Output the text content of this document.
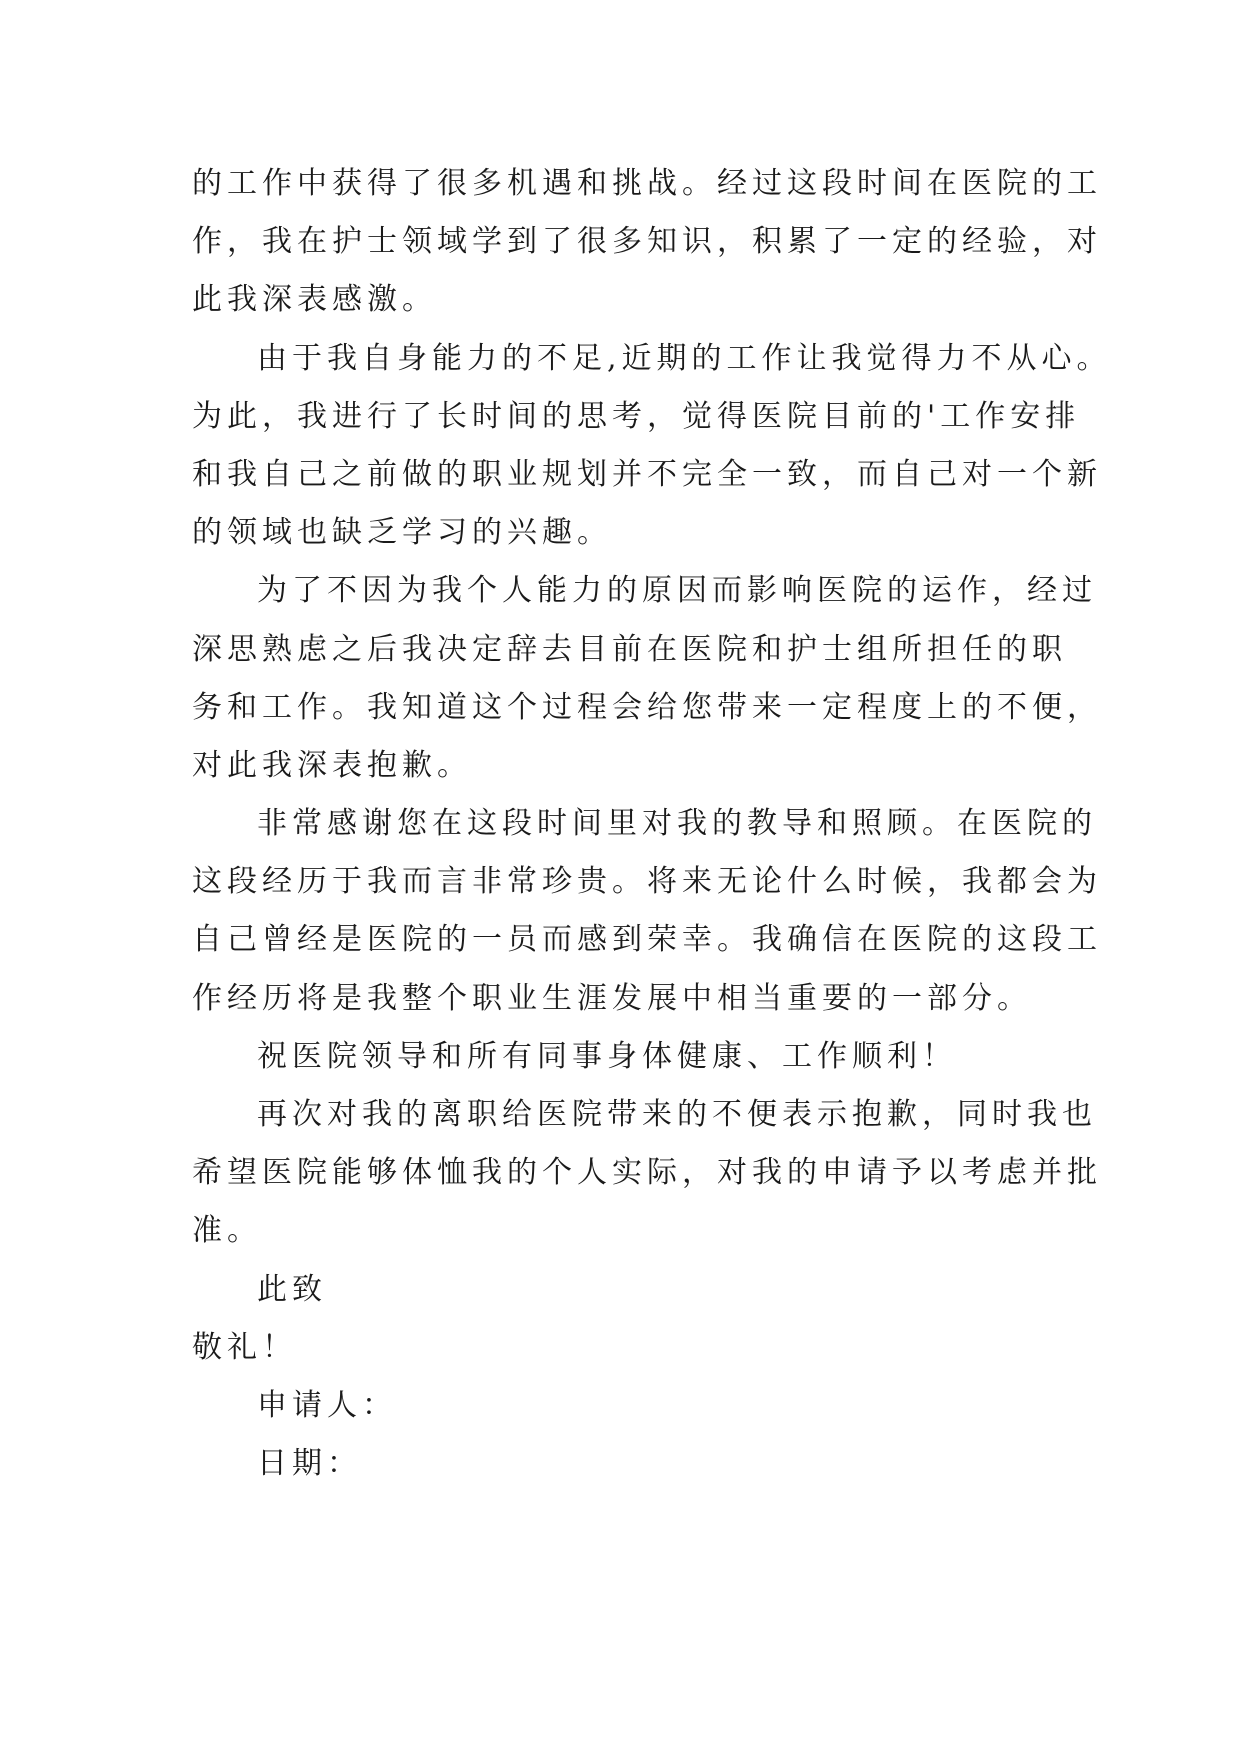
的工作中获得了很多机遇和挑战。经过这段时间在医院的工
作，我在护士领域学到了很多知识，积累了一定的经验，对
此我深表感激。
由于我自身能力的不足,近期的工作让我觉得力不从心。
为此，我进行了长时间的思考，觉得医院目前的'工作安排
和我自己之前做的职业规划并不完全一致，而自己对一个新
的领域也缺乏学习的兴趣。
为了不因为我个人能力的原因而影响医院的运作，经过
深思熟虑之后我决定辞去目前在医院和护士组所担任的职
务和工作。我知道这个过程会给您带来一定程度上的不便，
对此我深表抱歉。
非常感谢您在这段时间里对我的教导和照顾。在医院的
这段经历于我而言非常珍贵。将来无论什么时候，我都会为
自己曾经是医院的一员而感到荣幸。我确信在医院的这段工
作经历将是我整个职业生涯发展中相当重要的一部分。
祝医院领导和所有同事身体健康、工作顺利！
再次对我的离职给医院带来的不便表示抱歉，同时我也
希望医院能够体恤我的个人实际，对我的申请予以考虑并批
准。
此致
敬礼！
申请人：
日期：
